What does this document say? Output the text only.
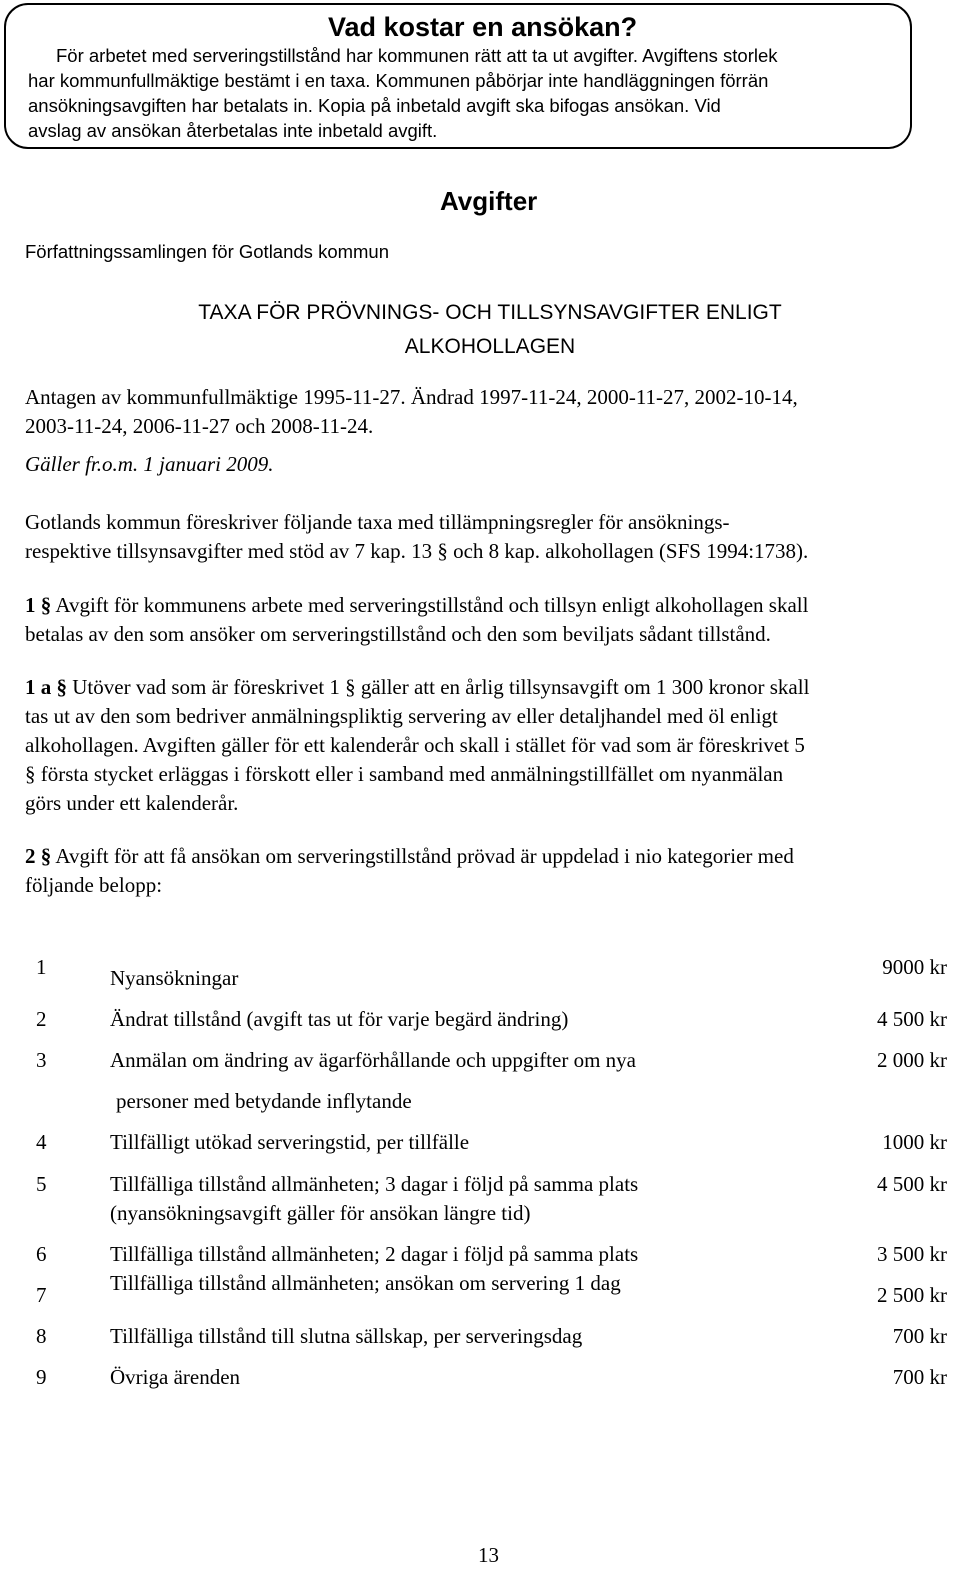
Vad kostar en ansökan?

För arbetet med serveringstillstånd har kommunen rätt att ta ut avgifter. Avgiftens storlek

har kommunfullmäktige bestämt i en taxa. Kommunen påbörjar inte handläggningen förrän

ansökningsavgiften har betalats in. Kopia på inbetald avgift ska bifogas ansökan. Vid

avslag av ansökan återbetalas inte inbetald avgift.

Författningssamlingen för Gotlands kommun
Avgifter
TAXA FÖR PRÖVNINGS- OCH TILLSYNSAVGIFTER ENLIGT
ALKOHOLLAGEN

Antagen av kommunfullmäktige 1995-11-27. Ändrad 1997-11-24, 2000-11-27, 2002-10-14,

2003-11-24, 2006-11-27 och 2008-11-24.

Gäller fr.o.m. 1 januari 2009.

Gotlands kommun föreskriver följande taxa med tillämpningsregler för ansöknings-

respektive tillsynsavgifter med stöd av 7 kap. 13 § och 8 kap. alkohollagen (SFS 1994:1738).

1 § Avgift för kommunens arbete med serveringstillstånd och tillsyn enligt alkohollagen skall

betalas av den som ansöker om serveringstillstånd och den som beviljats sådant tillstånd.

1 a § Utöver vad som är föreskrivet 1 § gäller att en årlig tillsynsavgift om 1 300 kronor skall

tas ut av den som bedriver anmälningspliktig servering av eller detaljhandel med öl enligt

alkohollagen. Avgiften gäller för ett kalenderår och skall i stället för vad som är föreskrivet 5

§ första stycket erläggas i förskott eller i samband med anmälningstillfället om nyanmälan

görs under ett kalenderår.

2 § Avgift för att få ansökan om serveringstillstånd prövad är uppdelad i nio kategorier med

följande belopp:

1	Nyansökningar	9000 kr
2	Ändrat tillstånd (avgift tas ut för varje begärd ändring)	4 500 kr
3	Anmälan om ändring av ägarförhållande och uppgifter om nya	2 000 kr
personer med betydande inflytande
4	Tillfälligt utökad serveringstid, per tillfälle	1000 kr
5	Tillfälliga tillstånd allmänheten; 3 dagar i följd på samma plats	4 500 kr
(nyansökningsavgift gäller för ansökan längre tid)
6	Tillfälliga tillstånd allmänheten; 2 dagar i följd på samma plats	3 500 kr
7	Tillfälliga tillstånd allmänheten; ansökan om servering 1 dag	2 500 kr
8	Tillfälliga tillstånd till slutna sällskap, per serveringsdag	700 kr
9	Övriga ärenden	700 kr
13
